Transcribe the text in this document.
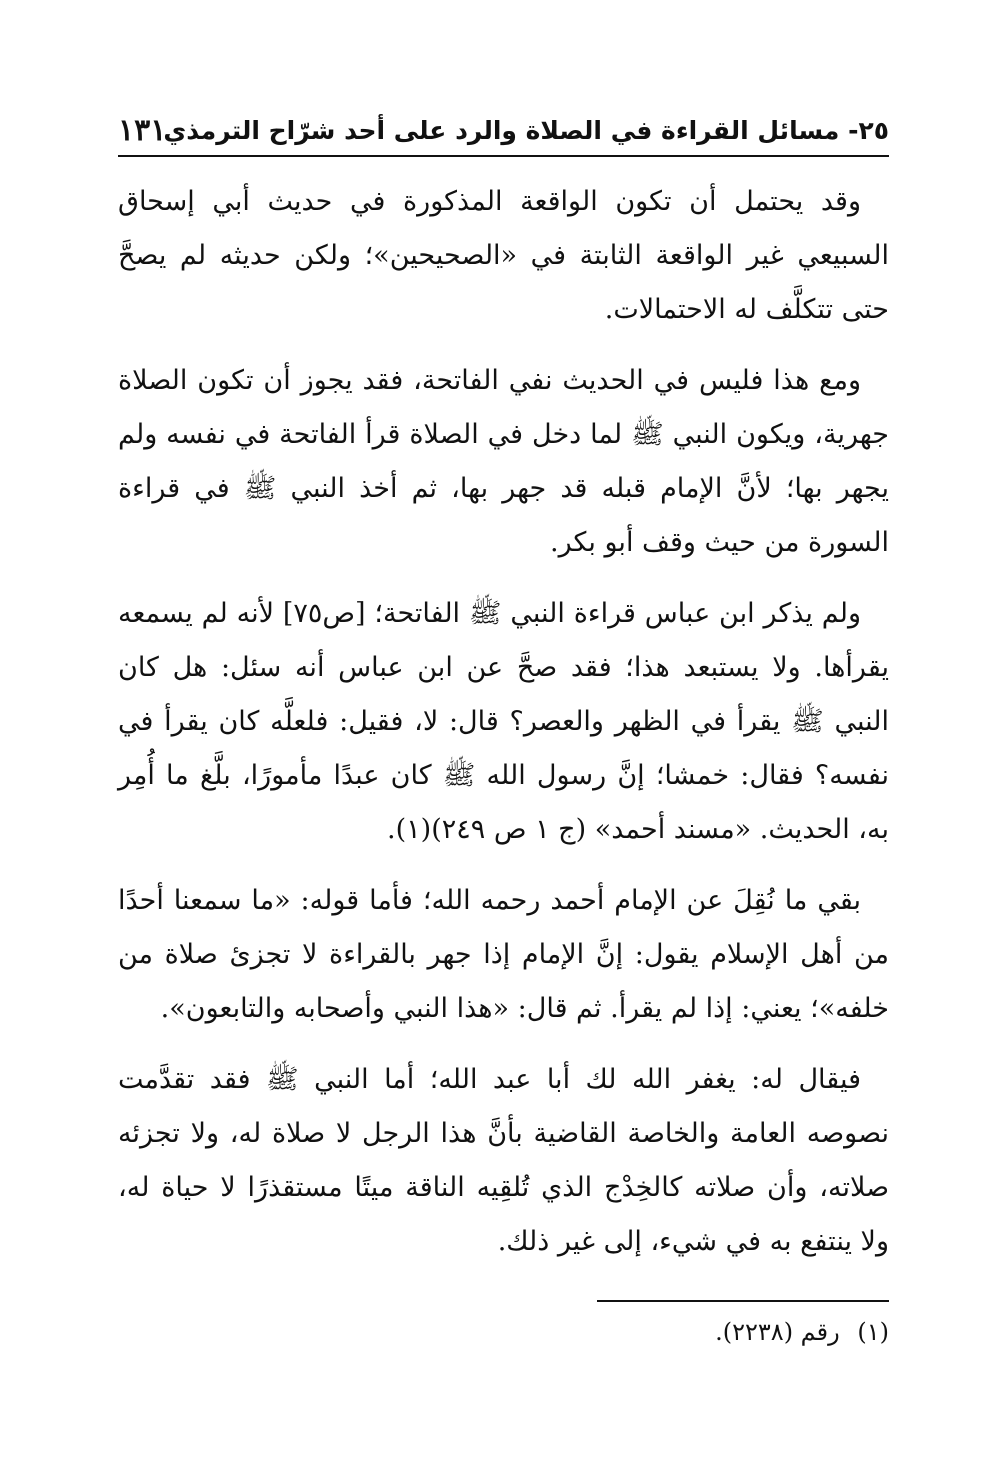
٢٥- مسائل القراءة في الصلاة والرد على أحد شرّاح الترمذي
١٣١

وقد يحتمل أن تكون الواقعة المذكورة في حديث أبي إسحاق السبيعي غير الواقعة الثابتة في «الصحيحين»؛ ولكن حديثه لم يصحَّ حتى تتكلَّف له الاحتمالات.

ومع هذا فليس في الحديث نفي الفاتحة، فقد يجوز أن تكون الصلاة جهرية، ويكون النبي ﷺ لما دخل في الصلاة قرأ الفاتحة في نفسه ولم يجهر بها؛ لأنَّ الإمام قبله قد جهر بها، ثم أخذ النبي ﷺ في قراءة السورة من حيث وقف أبو بكر.

ولم يذكر ابن عباس قراءة النبي ﷺ الفاتحة؛ [ص٧٥] لأنه لم يسمعه يقرأها. ولا يستبعد هذا؛ فقد صحَّ عن ابن عباس أنه سئل: هل كان النبي ﷺ يقرأ في الظهر والعصر؟ قال: لا، فقيل: فلعلَّه كان يقرأ في نفسه؟ فقال: خمشا؛ إنَّ رسول الله ﷺ كان عبدًا مأمورًا، بلَّغ ما أُمِر به، الحديث. «مسند أحمد» (ج ١ ص ٢٤٩)(١).

بقي ما نُقِلَ عن الإمام أحمد رحمه الله؛ فأما قوله: «ما سمعنا أحدًا من أهل الإسلام يقول: إنَّ الإمام إذا جهر بالقراءة لا تجزئ صلاة من خلفه»؛ يعني: إذا لم يقرأ. ثم قال: «هذا النبي وأصحابه والتابعون».

فيقال له: يغفر الله لك أبا عبد الله؛ أما النبي ﷺ فقد تقدَّمت نصوصه العامة والخاصة القاضية بأنَّ هذا الرجل لا صلاة له، ولا تجزئه صلاته، وأن صلاته كالخِدْج الذي تُلقِيه الناقة ميتًا مستقذرًا لا حياة له، ولا ينتفع به في شيء، إلى غير ذلك.

(١) رقم (٢٢٣٨).
